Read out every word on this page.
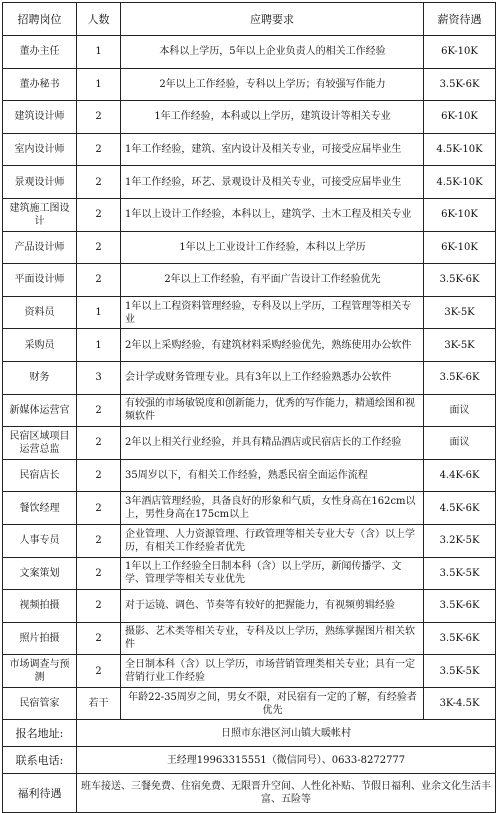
招聘岗位	人数	应聘要求	薪资待遇
董办主任	1	本科以上学历，5年以上企业负责人的相关工作经验	6K-10K
董办秘书	1	2年以上工作经验，专科以上学历；有较强写作能力	3.5K-6K
建筑设计师	2	1年工作经验，本科或以上学历，建筑设计等相关专业	6K-10K
室内设计师	2	1年工作经验，建筑、室内设计及相关专业，可接受应届毕业生	4.5K-10K
景观设计师	2	1年工作经验，环艺、景观设计及相关专业，可接受应届毕业生	4.5K-10K
建筑施工图设计	2	1年以上设计工作经验，本科以上，建筑学、土木工程及相关专业	6K-10K
产品设计师	2	1年以上工业设计工作经验，本科以上学历	6K-10K
平面设计师	2	2年以上工作经验，有平面广告设计工作经验优先	3.5K-6K
资料员	1	1年以上工程资料管理经验，专科及以上学历，工程管理等相关专业	3K-5K
采购员	1	2年以上采购经验，有建筑材料采购经验优先，熟练使用办公软件	3K-5K
财务	3	会计学或财务管理专业。具有3年以上工作经验熟悉办公软件	3.5K-6K
新媒体运营官	2	有较强的市场敏锐度和创新能力，优秀的写作能力，精通绘图和视频软件	面议
民宿区域项目运营总监	2	2年以上相关行业经验，并具有精品酒店或民宿店长的工作经验	面议
民宿店长	2	35周岁以下，有相关工作经验，熟悉民宿全面运作流程	4.4K-6K
餐饮经理	2	3年酒店管理经验，具备良好的形象和气质，女性身高在162cm以上，男性身高在175cm以上	4.5K-6K
人事专员	2	企业管理、人力资源管理、行政管理等相关专业大专（含）以上学历，有相关工作经验者优先	3.2K-5K
文案策划	2	1年以上工作经验全日制本科（含）以上学历，新闻传播学、文学、管理学等相关专业优先	3.5K-5K
视频拍摄	2	对于运镜、调色、节奏等有较好的把握能力，有视频剪辑经验	3.5K-6K
照片拍摄	2	摄影、艺术类等相关专业，专科及以上学历，熟练掌握图片相关软件	3.5K-6K
市场调查与预测	2	全日制本科（含）以上学历，市场营销管理类相关专业；具有一定营销行业工作经验	3.5K-5K
民宿管家	若干	年龄22-35周岁之间，男女不限，对民宿有一定的了解，有经验者优先	3K-4.5K
报名地址:	日照市东港区河山镇大暖帐村		
联系电话:	王经理19963315551（微信同号）、0633-8272777		
福利待遇	班车接送、三餐免费、住宿免费、无限晋升空间、人性化补贴、节假日福利、业余文化生活丰富、五险等		
